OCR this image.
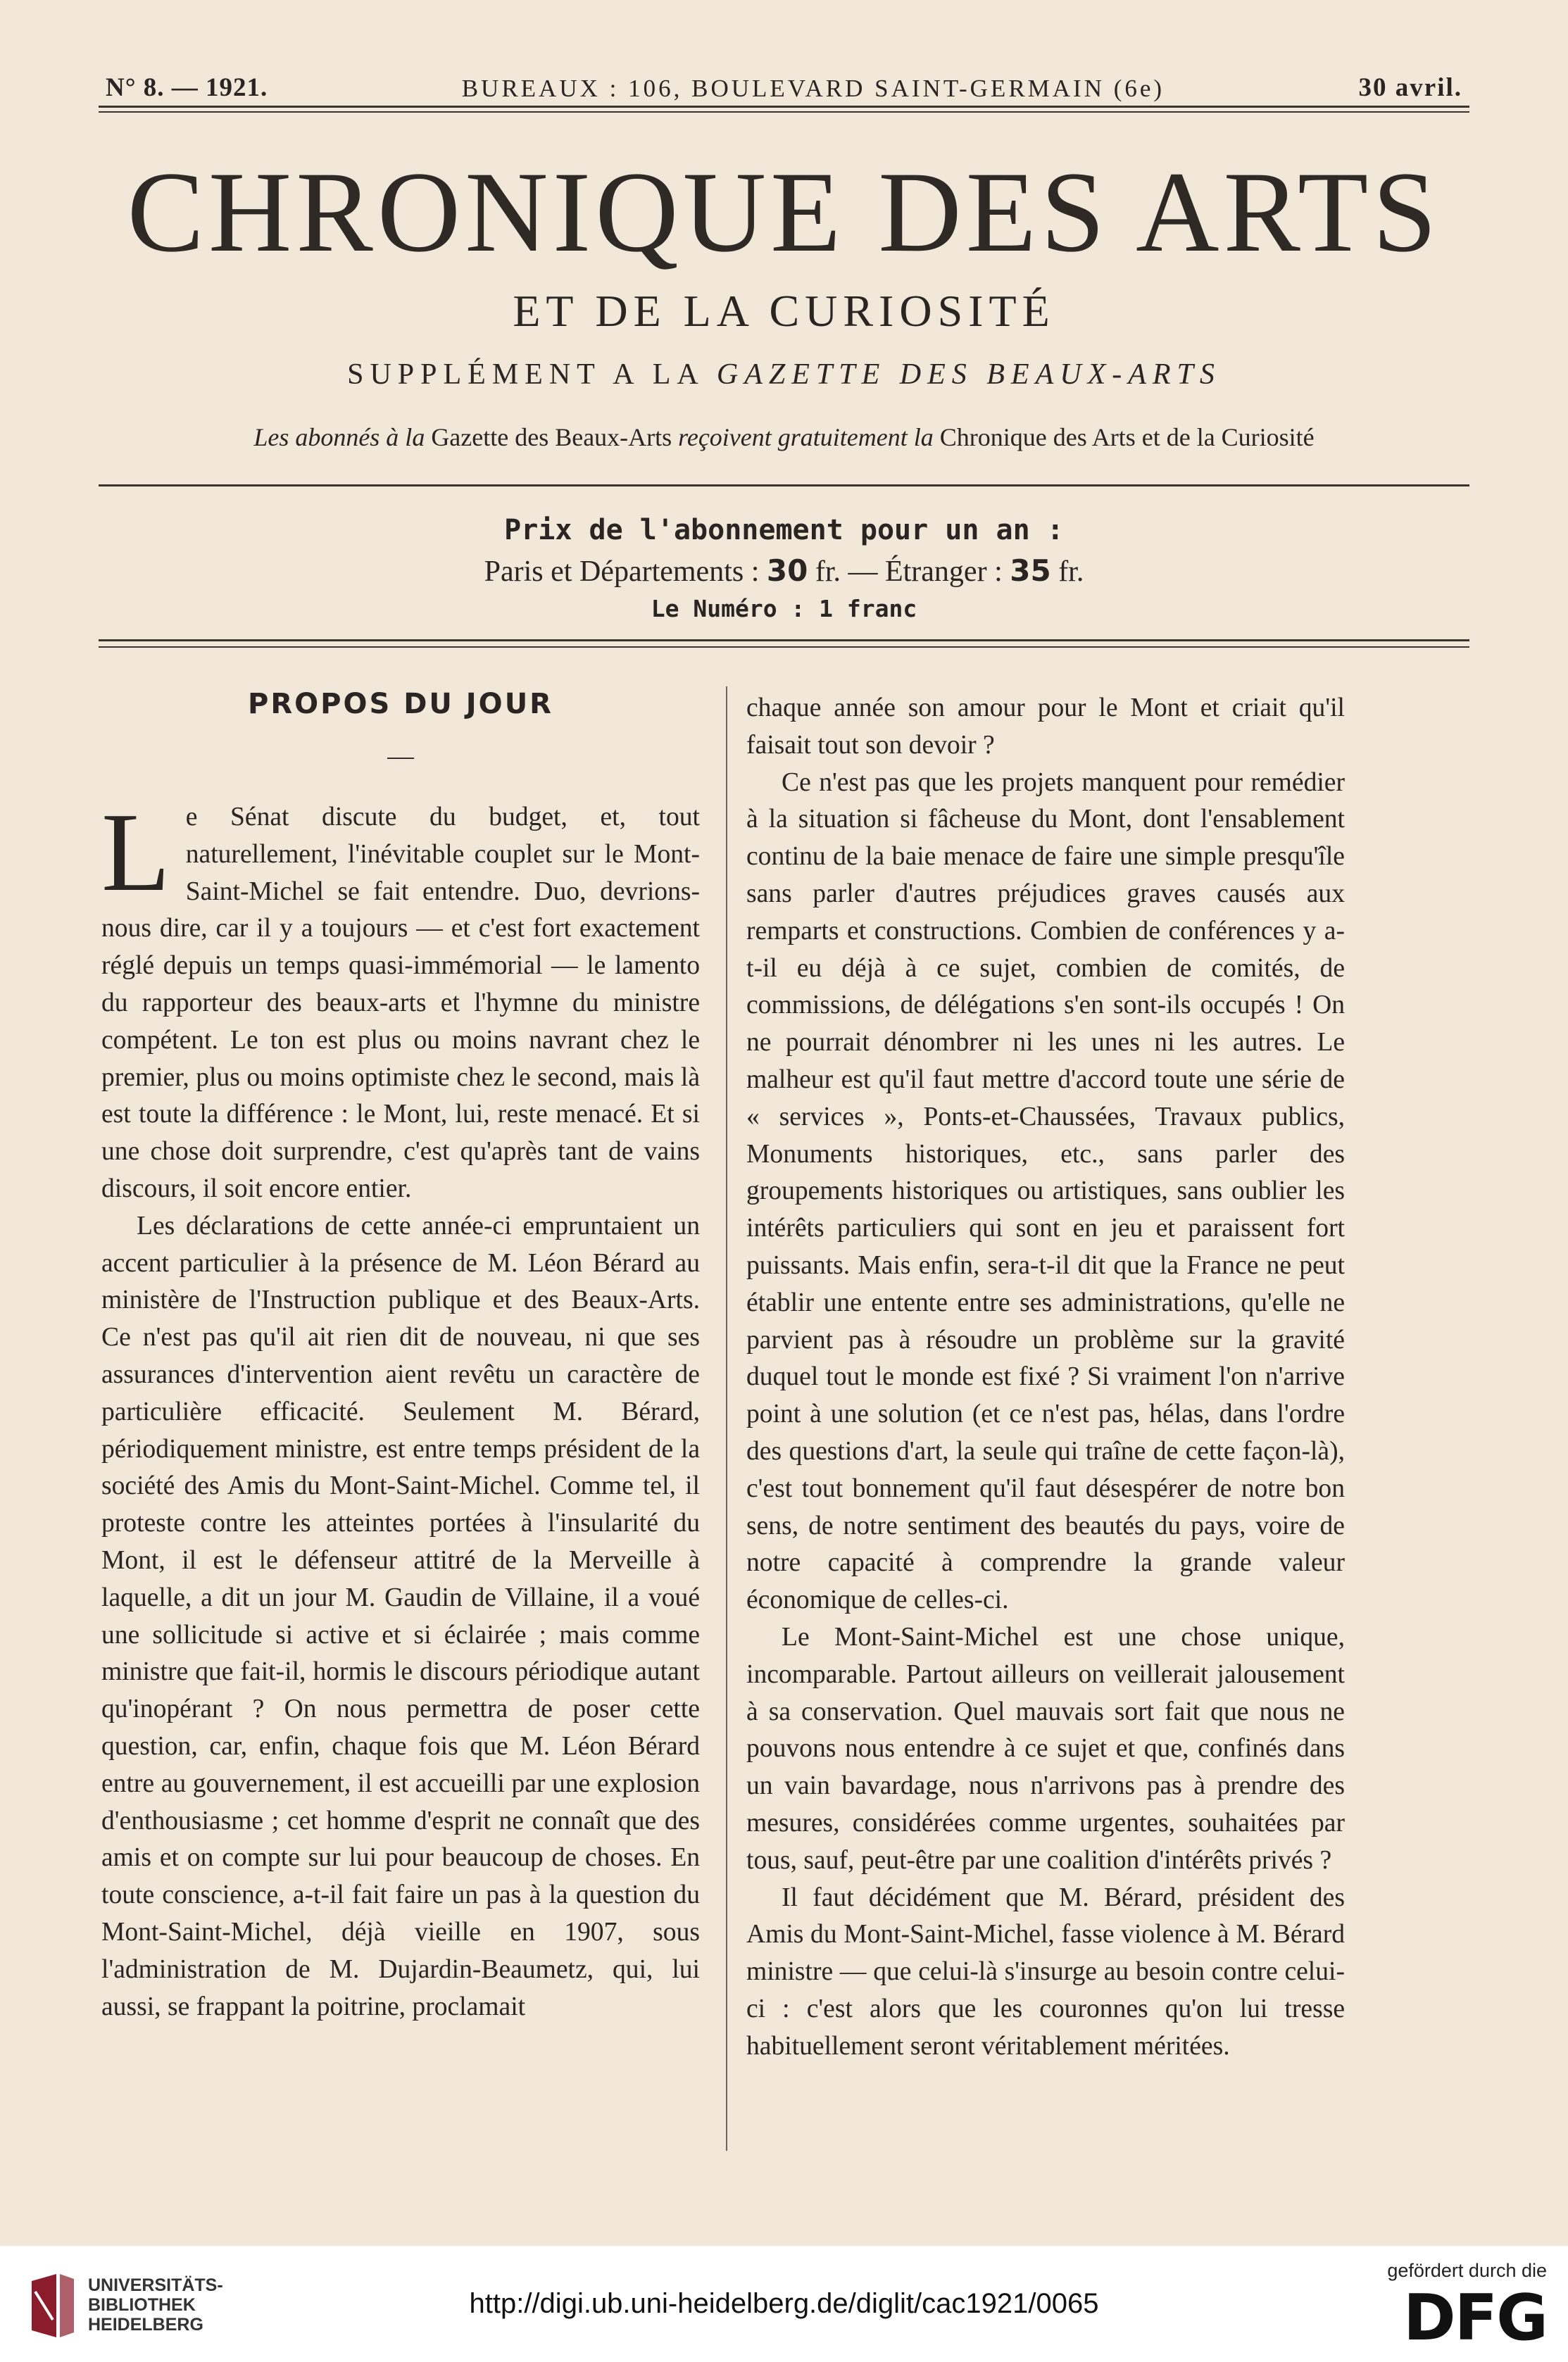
N° 8. — 1921.	BUREAUX : 106, BOULEVARD SAINT-GERMAIN (6e)	30 avril.
CHRONIQUE DES ARTS
ET DE LA CURIOSITÉ
SUPPLÉMENT A LA GAZETTE DES BEAUX-ARTS
Les abonnés à la Gazette des Beaux-Arts reçoivent gratuitement la Chronique des Arts et de la Curiosité
Prix de l'abonnement pour un an :
Paris et Départements : 30 fr. — Étranger : 35 fr.
Le Numéro : 1 franc
PROPOS DU JOUR
—

Le Sénat discute du budget, et, tout naturellement, l'inévitable couplet sur le Mont-Saint-Michel se fait entendre. Duo, devrions-nous dire, car il y a toujours — et c'est fort exactement réglé depuis un temps quasi-immémorial — le lamento du rapporteur des beaux-arts et l'hymne du ministre compétent. Le ton est plus ou moins navrant chez le premier, plus ou moins optimiste chez le second, mais là est toute la différence : le Mont, lui, reste menacé. Et si une chose doit surprendre, c'est qu'après tant de vains discours, il soit encore entier.

Les déclarations de cette année-ci empruntaient un accent particulier à la présence de M. Léon Bérard au ministère de l'Instruction publique et des Beaux-Arts. Ce n'est pas qu'il ait rien dit de nouveau, ni que ses assurances d'intervention aient revêtu un caractère de particulière efficacité. Seulement M. Bérard, périodiquement ministre, est entre temps président de la société des Amis du Mont-Saint-Michel. Comme tel, il proteste contre les atteintes portées à l'insularité du Mont, il est le défenseur attitré de la Merveille à laquelle, a dit un jour M. Gaudin de Villaine, il a voué une sollicitude si active et si éclairée ; mais comme ministre que fait-il, hormis le discours périodique autant qu'inopérant ? On nous permettra de poser cette question, car, enfin, chaque fois que M. Léon Bérard entre au gouvernement, il est accueilli par une explosion d'enthousiasme ; cet homme d'esprit ne connaît que des amis et on compte sur lui pour beaucoup de choses. En toute conscience, a-t-il fait faire un pas à la question du Mont-Saint-Michel, déjà vieille en 1907, sous l'administration de M. Dujardin-Beaumetz, qui, lui aussi, se frappant la poitrine, proclamait

chaque année son amour pour le Mont et criait qu'il faisait tout son devoir ?

Ce n'est pas que les projets manquent pour remédier à la situation si fâcheuse du Mont, dont l'ensablement continu de la baie menace de faire une simple presqu'île sans parler d'autres préjudices graves causés aux remparts et constructions. Combien de conférences y a-t-il eu déjà à ce sujet, combien de comités, de commissions, de délégations s'en sont-ils occupés ! On ne pourrait dénombrer ni les unes ni les autres. Le malheur est qu'il faut mettre d'accord toute une série de « services », Ponts-et-Chaussées, Travaux publics, Monuments historiques, etc., sans parler des groupements historiques ou artistiques, sans oublier les intérêts particuliers qui sont en jeu et paraissent fort puissants. Mais enfin, sera-t-il dit que la France ne peut établir une entente entre ses administrations, qu'elle ne parvient pas à résoudre un problème sur la gravité duquel tout le monde est fixé ? Si vraiment l'on n'arrive point à une solution (et ce n'est pas, hélas, dans l'ordre des questions d'art, la seule qui traîne de cette façon-là), c'est tout bonnement qu'il faut désespérer de notre bon sens, de notre sentiment des beautés du pays, voire de notre capacité à comprendre la grande valeur économique de celles-ci.

Le Mont-Saint-Michel est une chose unique, incomparable. Partout ailleurs on veillerait jalousement à sa conservation. Quel mauvais sort fait que nous ne pouvons nous entendre à ce sujet et que, confinés dans un vain bavardage, nous n'arrivons pas à prendre des mesures, considérées comme urgentes, souhaitées par tous, sauf, peut-être par une coalition d'intérêts privés ?

Il faut décidément que M. Bérard, président des Amis du Mont-Saint-Michel, fasse violence à M. Bérard ministre — que celui-là s'insurge au besoin contre celui-ci : c'est alors que les couronnes qu'on lui tresse habituellement seront véritablement méritées.

UNIVERSITÄTS-
BIBLIOTHEK
HEIDELBERG
http://digi.ub.uni-heidelberg.de/diglit/cac1921/0065
gefördert durch die
DFG
